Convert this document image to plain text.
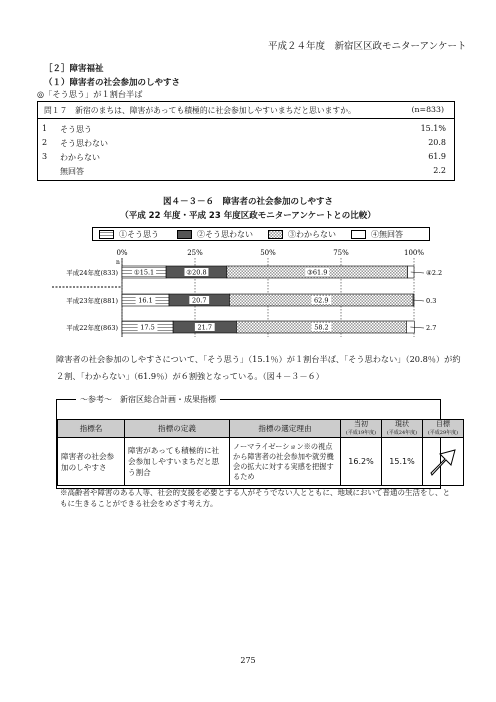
平成２４年度　新宿区区政モニターアンケート
［２］障害福祉
（１）障害者の社会参加のしやすさ
◎「そう思う」が１割台半ば
問１７　新宿のまちは、障害があっても積極的に社会参加しやすいまちだと思いますか。	(n=833)
1 そう思う	15.1%
2 そう思わない	20.8
3 わからない	61.9
無回答	2.2
図４－３－６　障害者の社会参加のしやすさ
（平成 22 年度・平成 23 年度区政モニターアンケートとの比較）
①そう思う	②そう思わない	③わからない	④無回答
0%	25%	50%	75%	100%
n
平成24年度(833)
平成23年度(881)
平成22年度(863)
①15.1	②20.8	③61.9	④2.2
16.1	20.7	62.9	0.3
17.5	21.7	58.2	2.7
障害者の社会参加のしやすさについて、「そう思う」（15.1％）が１割台半ば、「そう思わない」（20.8％）が約２割、「わからない」（61.9％）が６割強となっている。（図４－３－６）
～参考～　新宿区総合計画・成果指標
指標名	指標の定義	指標の選定理由	当初
(平成19年度)	現状
(平成24年度)	目標
(平成29年度)
障害者の社会参加のしやすさ	障害があっても積極的に社会参加しやすいまちだと思う割合	ノーマライゼーション※の視点から障害者の社会参加や就労機会の拡大に対する実感を把握するため	16.2%	15.1%	
※高齢者や障害のある人等、社会的支援を必要とする人がそうでない人とともに、地域において普通の生活をし、ともに生きることができる社会をめざす考え方。
275
